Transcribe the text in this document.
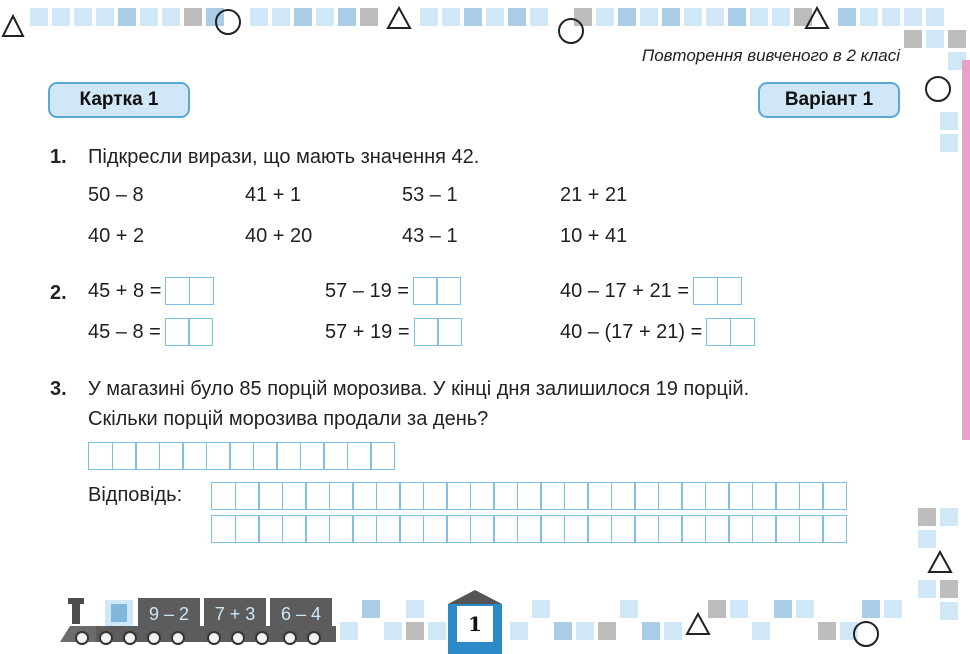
9 – 2 7 + 3 6 – 4	1
Повторення вивченого в 2 класі
Картка 1	Варіант 1
1. Підкресли вирази, що мають значення 42.
50 – 8	41 + 1	53 – 1	21 + 21
40 + 2	40 + 20	43 – 1	10 + 41
2. 45 + 8 =	57 – 19 =	40 – 17 + 21 =
45 – 8 =	57 + 19 =	40 – (17 + 21) =
3. У магазині було 85 порцій морозива. У кінці дня залишилося 19 порцій.
Скільки порцій морозива продали за день?
Відповідь:
